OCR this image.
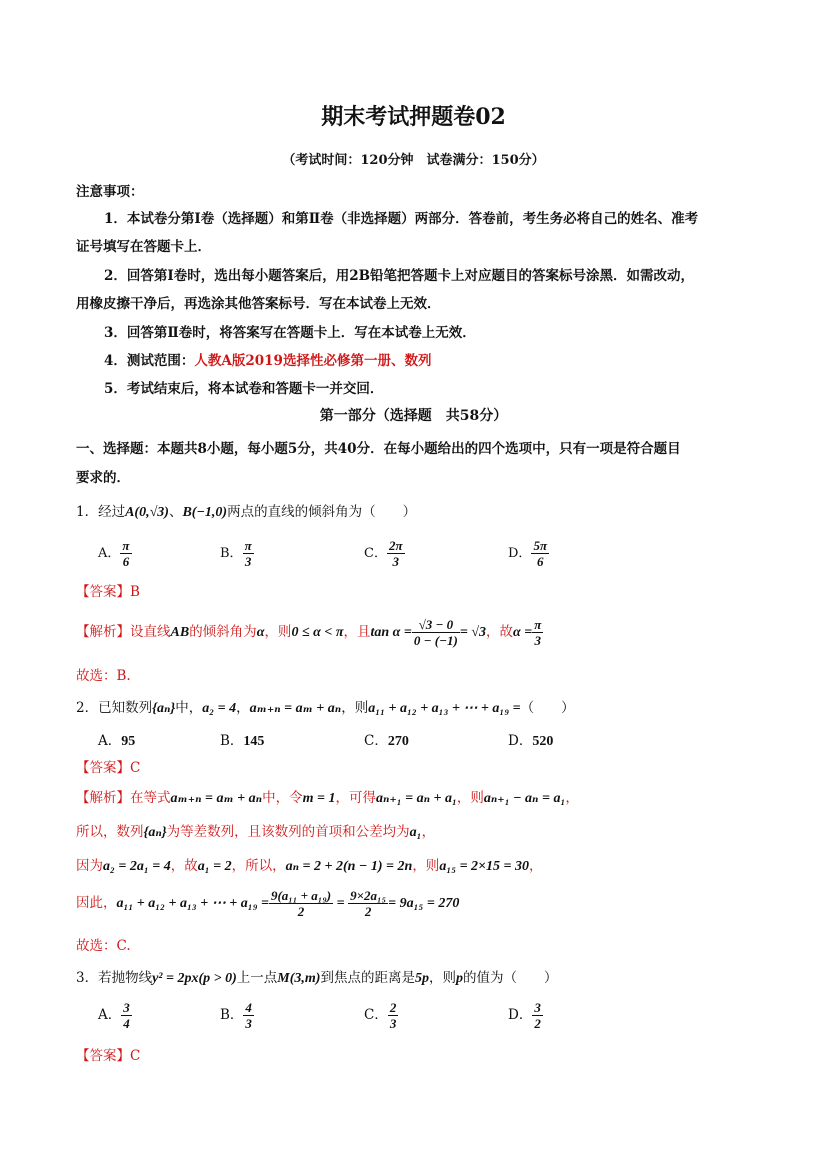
期末考试押题卷02
（考试时间：120分钟　试卷满分：150分）
注意事项：
1．本试卷分第Ⅰ卷（选择题）和第Ⅱ卷（非选择题）两部分．答卷前，考生务必将自己的姓名、准考
证号填写在答题卡上．
2．回答第Ⅰ卷时，选出每小题答案后，用2B铅笔把答题卡上对应题目的答案标号涂黑．如需改动，
用橡皮擦干净后，再选涂其他答案标号．写在本试卷上无效．
3．回答第Ⅱ卷时，将答案写在答题卡上．写在本试卷上无效．
4．测试范围：人教A版2019选择性必修第一册、数列
5．考试结束后，将本试卷和答题卡一并交回．
第一部分（选择题　共58分）
一、选择题：本题共8小题，每小题5分，共40分．在每小题给出的四个选项中，只有一项是符合题目
要求的．
1．经过A(0,√3)、B(−1,0)两点的直线的倾斜角为（　　）
A． $\frac{\pi}{6}$	B． $\frac{\pi}{3}$	C． $\frac{2\pi}{3}$	D． $\frac{5\pi}{6}$
【答案】B
【解析】设直线AB的倾斜角为α，则0 ≤ α < π，且$\tan \alpha = \frac{√3 - 0}{0 - (-1)} = √3$，故$\alpha = \frac{\pi}{3}$
故选：B.
2．已知数列{aₙ}中，a₂ = 4，aₘ₊ₙ = aₘ + aₙ，则a₁₁ + a₁₂ + a₁₃ + ⋯ + a₁₉ =（　　）
A．95	B．145	C．270	D．520
【答案】C
【解析】在等式aₘ₊ₙ = aₘ + aₙ中，令m = 1，可得aₙ₊₁ = aₙ + a₁，则aₙ₊₁ − aₙ = a₁，
所以，数列{aₙ}为等差数列，且该数列的首项和公差均为a₁，
因为a₂ = 2a₁ = 4，故a₁ = 2，所以，aₙ = 2 + 2(n − 1) = 2n，则a₁₅ = 2×15 = 30，
因此，a₁₁ + a₁₂ + a₁₃ + ⋯ + $a_{19} = \frac{\text{9(a₁₁ + a₁₉)}}{2} = \frac{\text{9×2a₁₅}}{2} = 9a_{15} = 270$
故选：C.
3．若抛物线y² = 2px(p > 0)上一点M(3,m)到焦点的距离是5p，则p的值为（　　）
A． $\frac{3}{4}$	B． $\frac{4}{3}$	C． $\frac{2}{3}$	D． $\frac{3}{2}$
【答案】C
